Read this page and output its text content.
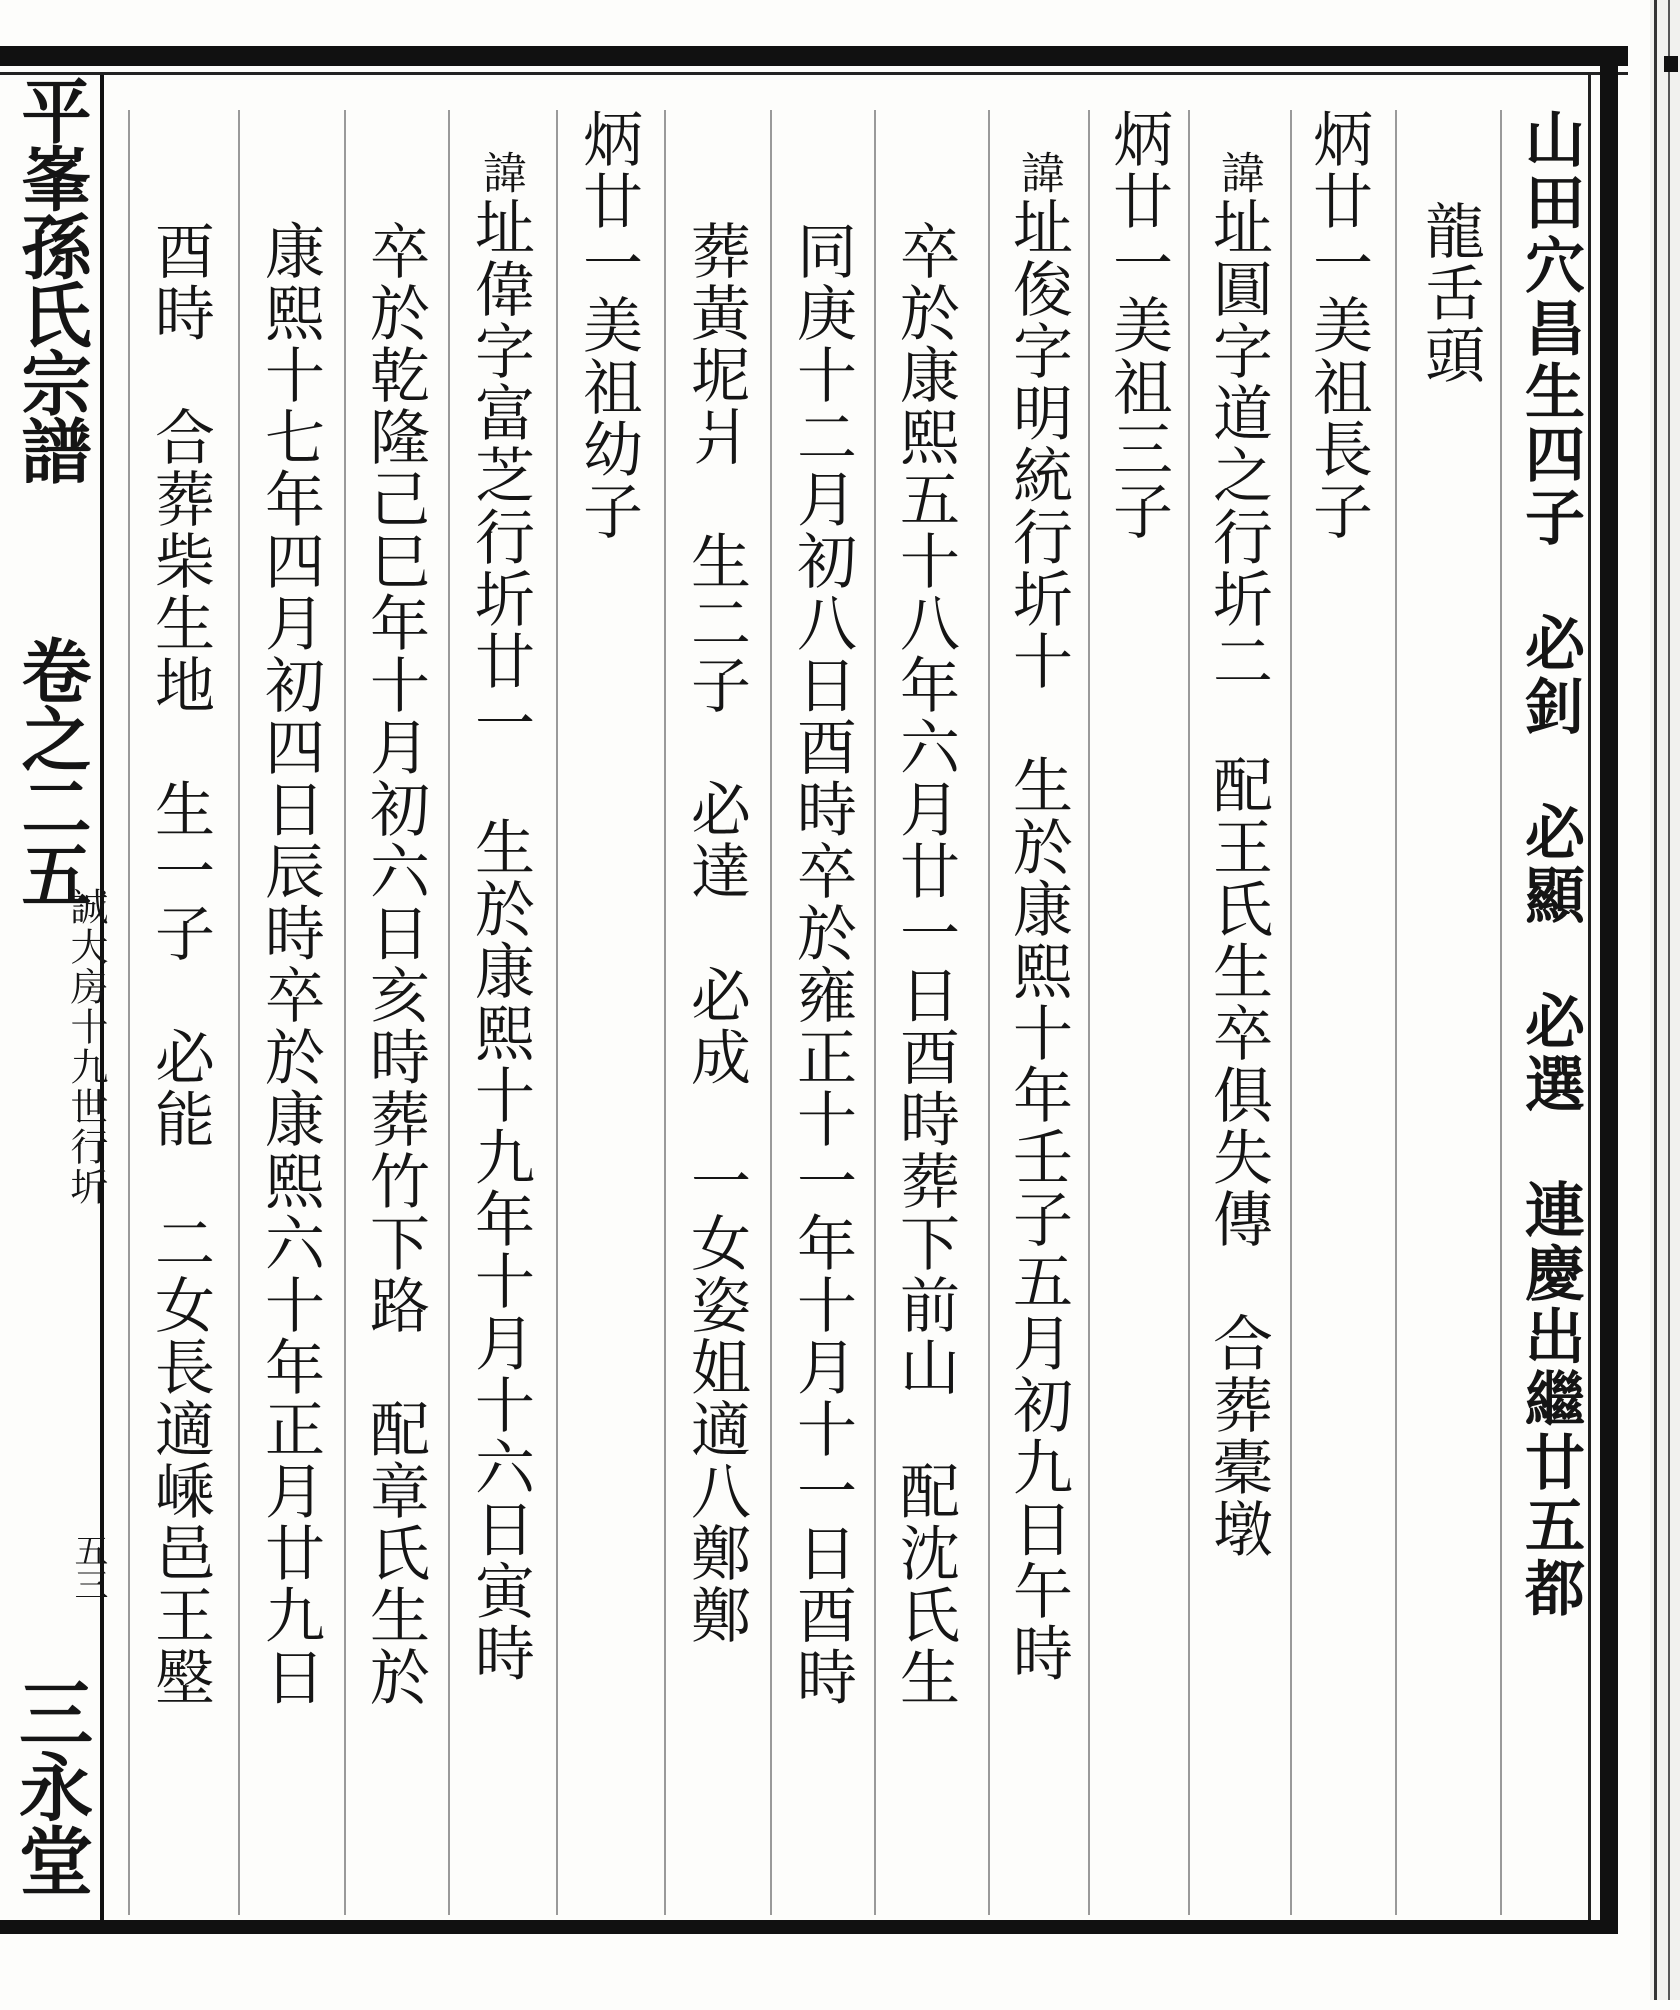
平峯孫氏宗譜
卷之二五
誠大房十九世行圻
五三
三永堂
山田穴昌生四子　必釗　必顯　必選　連慶出繼廿五都
龍舌頭
炳廿一美祖長子
諱址圓字道之行圻二　配王氏生卒俱失傳　合葬橐墩
炳廿一美祖三子
諱址俊字明統行圻十　生於康熙十年壬子五月初九日午時
卒於康熙五十八年六月廿一日酉時葬下前山　配沈氏生
同庚十二月初八日酉時卒於雍正十一年十月十一日酉時
葬黃坭爿　生二子　必達　必成　一女姿姐適八鄭鄭
炳廿一美祖幼子
諱址偉字富芝行圻廿一　生於康熙十九年十月十六日寅時
卒於乾隆己巳年十月初六日亥時葬竹下路　配章氏生於
康熙十七年四月初四日辰時卒於康熙六十年正月廿九日
酉時　合葬柴生地　生一子　必能　二女長適嵊邑王壂
